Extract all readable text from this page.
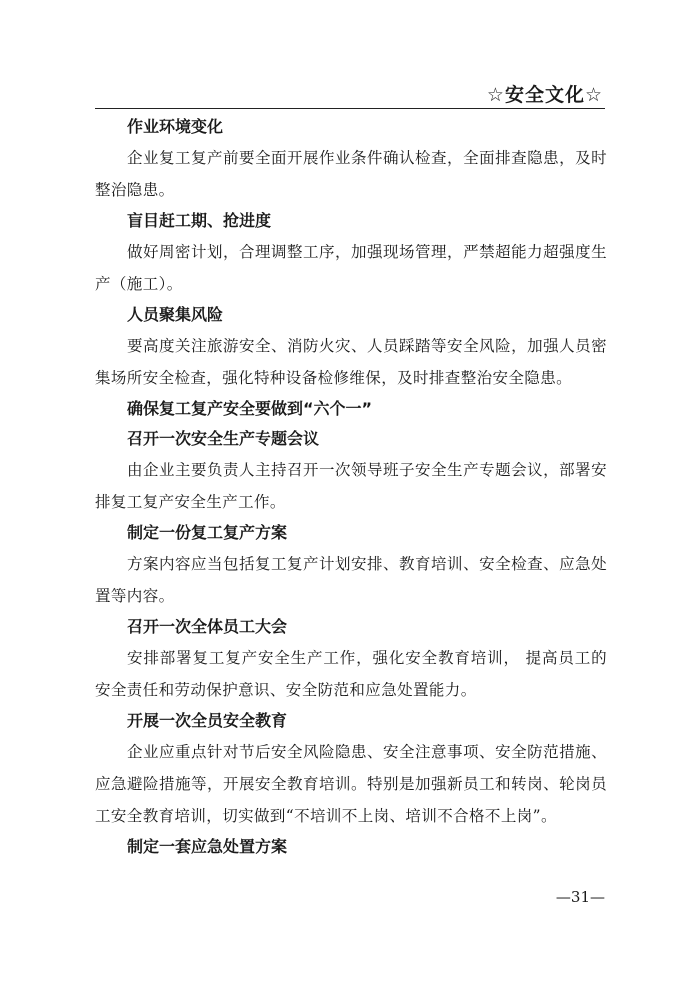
☆安全文化☆
作业环境变化

企业复工复产前要全面开展作业条件确认检查，全面排查隐患，及时整治隐患。

盲目赶工期、抢进度

做好周密计划，合理调整工序，加强现场管理，严禁超能力超强度生产（施工）。

人员聚集风险

要高度关注旅游安全、消防火灾、人员踩踏等安全风险，加强人员密集场所安全检查，强化特种设备检修维保，及时排查整治安全隐患。

确保复工复产安全要做到“六个一”
召开一次安全生产专题会议

由企业主要负责人主持召开一次领导班子安全生产专题会议，部署安排复工复产安全生产工作。

制定一份复工复产方案

方案内容应当包括复工复产计划安排、教育培训、安全检查、应急处置等内容。

召开一次全体员工大会

安排部署复工复产安全生产工作，强化安全教育培训， 提高员工的安全责任和劳动保护意识、安全防范和应急处置能力。

开展一次全员安全教育

企业应重点针对节后安全风险隐患、安全注意事项、安全防范措施、应急避险措施等，开展安全教育培训。特别是加强新员工和转岗、轮岗员工安全教育培训，切实做到“不培训不上岗、培训不合格不上岗”。

制定一套应急处置方案
—31—
